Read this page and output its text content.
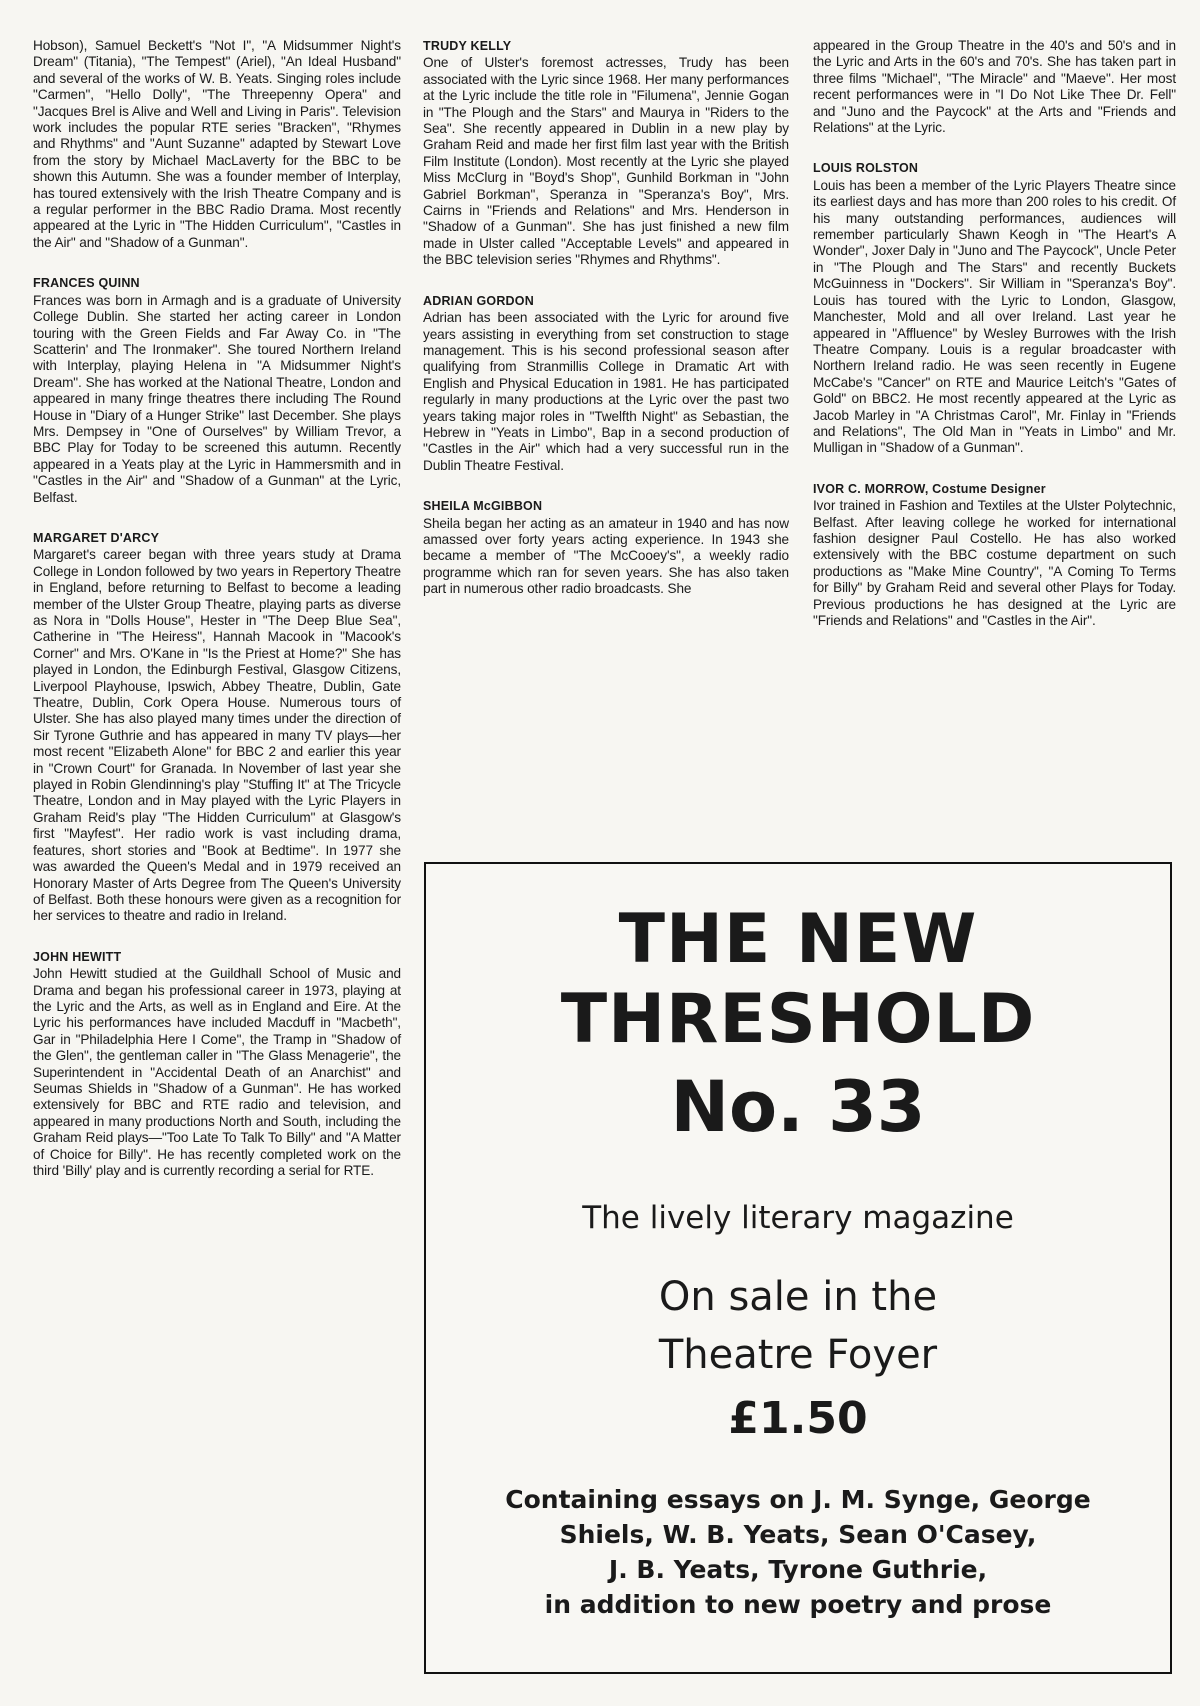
Hobson), Samuel Beckett's "Not I", "A Midsummer Night's Dream" (Titania), "The Tempest" (Ariel), "An Ideal Husband" and several of the works of W. B. Yeats. Singing roles include "Carmen", "Hello Dolly", "The Threepenny Opera" and "Jacques Brel is Alive and Well and Living in Paris". Television work includes the popular RTE series "Bracken", "Rhymes and Rhythms" and "Aunt Suzanne" adapted by Stewart Love from the story by Michael MacLaverty for the BBC to be shown this Autumn. She was a founder member of Interplay, has toured extensively with the Irish Theatre Company and is a regular performer in the BBC Radio Drama. Most recently appeared at the Lyric in "The Hidden Curriculum", "Castles in the Air" and "Shadow of a Gunman".

FRANCES QUINN

Frances was born in Armagh and is a graduate of University College Dublin. She started her acting career in London touring with the Green Fields and Far Away Co. in "The Scatterin' and The Ironmaker". She toured Northern Ireland with Interplay, playing Helena in "A Midsummer Night's Dream". She has worked at the National Theatre, London and appeared in many fringe theatres there including The Round House in "Diary of a Hunger Strike" last December. She plays Mrs. Dempsey in "One of Ourselves" by William Trevor, a BBC Play for Today to be screened this autumn. Recently appeared in a Yeats play at the Lyric in Hammersmith and in "Castles in the Air" and "Shadow of a Gunman" at the Lyric, Belfast.

MARGARET D'ARCY

Margaret's career began with three years study at Drama College in London followed by two years in Repertory Theatre in England, before returning to Belfast to become a leading member of the Ulster Group Theatre, playing parts as diverse as Nora in "Dolls House", Hester in "The Deep Blue Sea", Catherine in "The Heiress", Hannah Macook in "Macook's Corner" and Mrs. O'Kane in "Is the Priest at Home?" She has played in London, the Edinburgh Festival, Glasgow Citizens, Liverpool Playhouse, Ipswich, Abbey Theatre, Dublin, Gate Theatre, Dublin, Cork Opera House. Numerous tours of Ulster. She has also played many times under the direction of Sir Tyrone Guthrie and has appeared in many TV plays—her most recent "Elizabeth Alone" for BBC 2 and earlier this year in "Crown Court" for Granada. In November of last year she played in Robin Glendinning's play "Stuffing It" at The Tricycle Theatre, London and in May played with the Lyric Players in Graham Reid's play "The Hidden Curriculum" at Glasgow's first "Mayfest". Her radio work is vast including drama, features, short stories and "Book at Bedtime". In 1977 she was awarded the Queen's Medal and in 1979 received an Honorary Master of Arts Degree from The Queen's University of Belfast. Both these honours were given as a recognition for her services to theatre and radio in Ireland.

JOHN HEWITT

John Hewitt studied at the Guildhall School of Music and Drama and began his professional career in 1973, playing at the Lyric and the Arts, as well as in England and Eire. At the Lyric his performances have included Macduff in "Macbeth", Gar in "Philadelphia Here I Come", the Tramp in "Shadow of the Glen", the gentleman caller in "The Glass Menagerie", the Superintendent in "Accidental Death of an Anarchist" and Seumas Shields in "Shadow of a Gunman". He has worked extensively for BBC and RTE radio and television, and appeared in many productions North and South, including the Graham Reid plays—"Too Late To Talk To Billy" and "A Matter of Choice for Billy". He has recently completed work on the third 'Billy' play and is currently recording a serial for RTE.

TRUDY KELLY

One of Ulster's foremost actresses, Trudy has been associated with the Lyric since 1968. Her many performances at the Lyric include the title role in "Filumena", Jennie Gogan in "The Plough and the Stars" and Maurya in "Riders to the Sea". She recently appeared in Dublin in a new play by Graham Reid and made her first film last year with the British Film Institute (London). Most recently at the Lyric she played Miss McClurg in "Boyd's Shop", Gunhild Borkman in "John Gabriel Borkman", Speranza in "Speranza's Boy", Mrs. Cairns in "Friends and Relations" and Mrs. Henderson in "Shadow of a Gunman". She has just finished a new film made in Ulster called "Acceptable Levels" and appeared in the BBC television series "Rhymes and Rhythms".

ADRIAN GORDON

Adrian has been associated with the Lyric for around five years assisting in everything from set construction to stage management. This is his second professional season after qualifying from Stranmillis College in Dramatic Art with English and Physical Education in 1981. He has participated regularly in many productions at the Lyric over the past two years taking major roles in "Twelfth Night" as Sebastian, the Hebrew in "Yeats in Limbo", Bap in a second production of "Castles in the Air" which had a very successful run in the Dublin Theatre Festival.

SHEILA McGIBBON

Sheila began her acting as an amateur in 1940 and has now amassed over forty years acting experience. In 1943 she became a member of "The McCooey's", a weekly radio programme which ran for seven years. She has also taken part in numerous other radio broadcasts. She

appeared in the Group Theatre in the 40's and 50's and in the Lyric and Arts in the 60's and 70's. She has taken part in three films "Michael", "The Miracle" and "Maeve". Her most recent performances were in "I Do Not Like Thee Dr. Fell" and "Juno and the Paycock" at the Arts and "Friends and Relations" at the Lyric.

LOUIS ROLSTON

Louis has been a member of the Lyric Players Theatre since its earliest days and has more than 200 roles to his credit. Of his many outstanding performances, audiences will remember particularly Shawn Keogh in "The Heart's A Wonder", Joxer Daly in "Juno and The Paycock", Uncle Peter in "The Plough and The Stars" and recently Buckets McGuinness in "Dockers". Sir William in "Speranza's Boy". Louis has toured with the Lyric to London, Glasgow, Manchester, Mold and all over Ireland. Last year he appeared in "Affluence" by Wesley Burrowes with the Irish Theatre Company. Louis is a regular broadcaster with Northern Ireland radio. He was seen recently in Eugene McCabe's "Cancer" on RTE and Maurice Leitch's "Gates of Gold" on BBC2. He most recently appeared at the Lyric as Jacob Marley in "A Christmas Carol", Mr. Finlay in "Friends and Relations", The Old Man in "Yeats in Limbo" and Mr. Mulligan in "Shadow of a Gunman".

IVOR C. MORROW, Costume Designer

Ivor trained in Fashion and Textiles at the Ulster Polytechnic, Belfast. After leaving college he worked for international fashion designer Paul Costello. He has also worked extensively with the BBC costume department on such productions as "Make Mine Country", "A Coming To Terms for Billy" by Graham Reid and several other Plays for Today. Previous productions he has designed at the Lyric are "Friends and Relations" and "Castles in the Air".

THE NEW
THRESHOLD
No. 33
The lively literary magazine
On sale in the
Theatre Foyer
£1.50
Containing essays on J. M. Synge, George
Shiels, W. B. Yeats, Sean O'Casey,
J. B. Yeats, Tyrone Guthrie,
in addition to new poetry and prose
